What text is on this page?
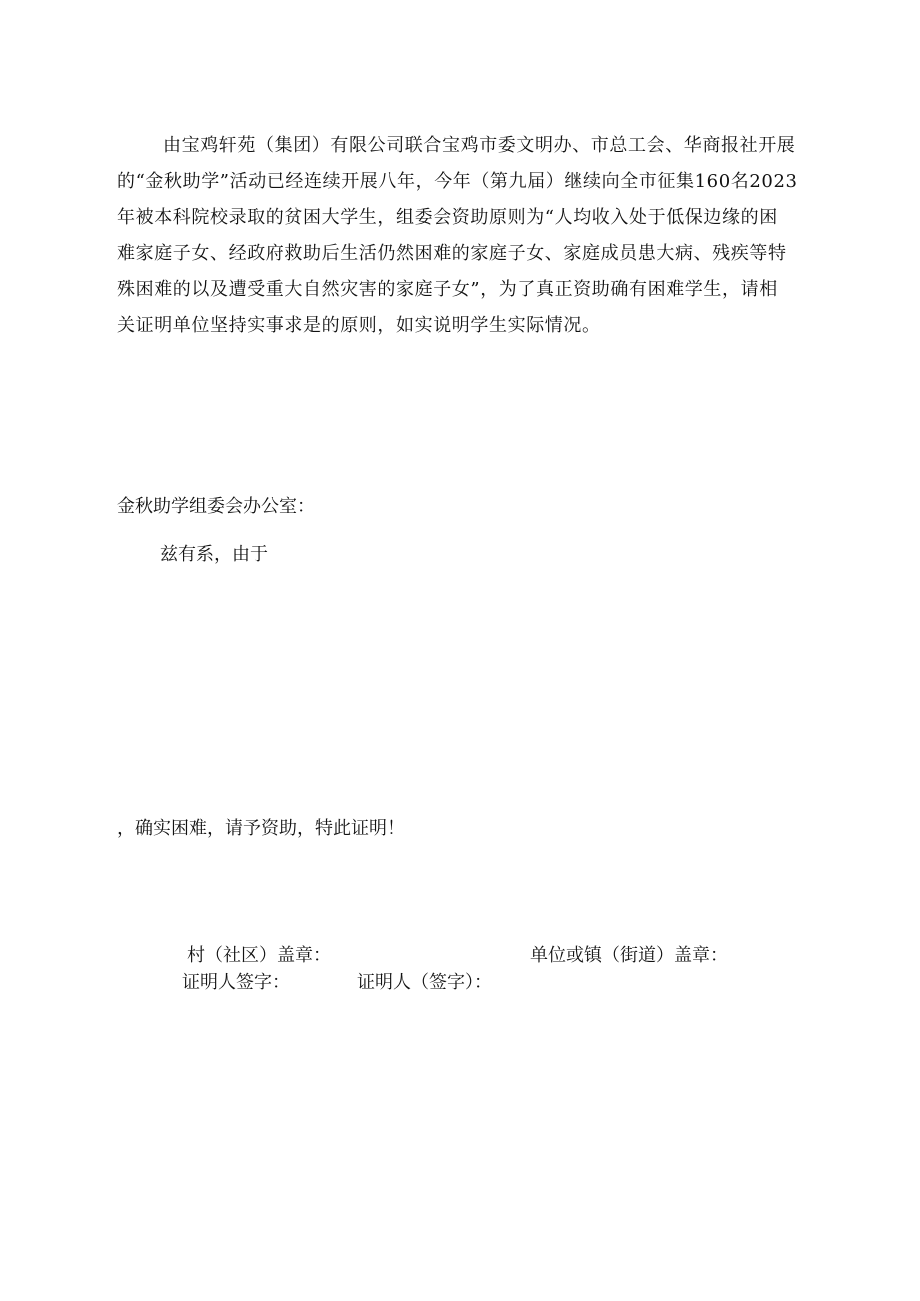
由宝鸡轩苑（集团）有限公司联合宝鸡市委文明办、市总工会、华商报社开展
的“金秋助学”活动已经连续开展八年，今年（第九届）继续向全市征集160名2023
年被本科院校录取的贫困大学生，组委会资助原则为“人均收入处于低保边缘的困
难家庭子女、经政府救助后生活仍然困难的家庭子女、家庭成员患大病、残疾等特
殊困难的以及遭受重大自然灾害的家庭子女”，为了真正资助确有困难学生，请相
关证明单位坚持实事求是的原则，如实说明学生实际情况。
金秋助学组委会办公室：
兹有系，由于
，确实困难，请予资助，特此证明！
村（社区）盖章：	单位或镇（街道）盖章：
证明人签字：	证明人（签字）：
